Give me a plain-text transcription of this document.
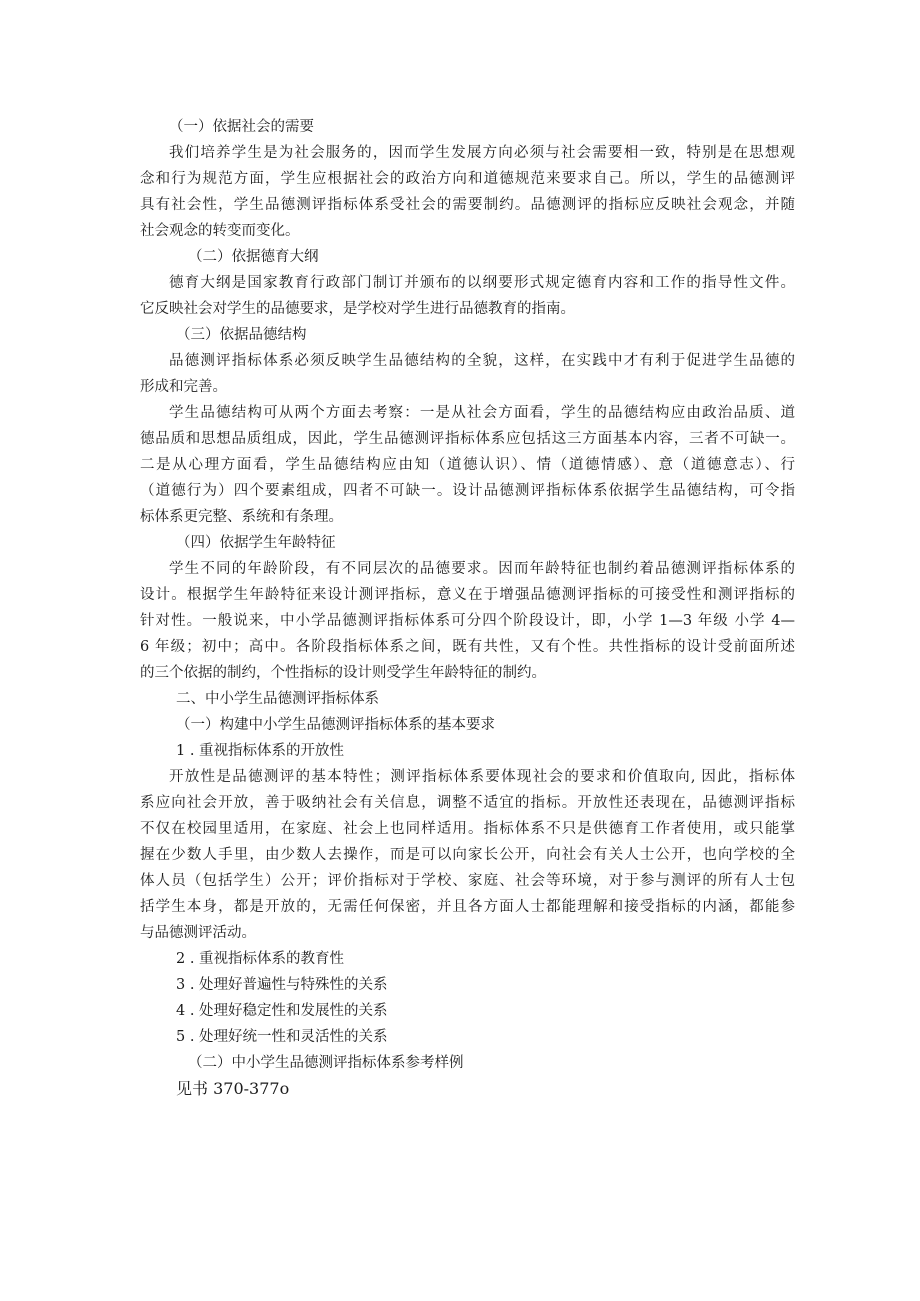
（一）依据社会的需要
我们培养学生是为社会服务的，因而学生发展方向必须与社会需要相一致，特别是在思想观
念和行为规范方面，学生应根据社会的政治方向和道德规范来要求自己。所以，学生的品德测评
具有社会性，学生品德测评指标体系受社会的需要制约。品德测评的指标应反映社会观念，并随
社会观念的转变而变化。
（二）依据德育大纲
德育大纲是国家教育行政部门制订并颁布的以纲要形式规定德育内容和工作的指导性文件。
它反映社会对学生的品德要求，是学校对学生进行品德教育的指南。
（三）依据品德结构
品德测评指标体系必须反映学生品德结构的全貌，这样，在实践中才有利于促进学生品德的
形成和完善。
学生品德结构可从两个方面去考察：一是从社会方面看，学生的品德结构应由政治品质、道
德品质和思想品质组成，因此，学生品德测评指标体系应包括这三方面基本内容，三者不可缺一。
二是从心理方面看，学生品德结构应由知（道德认识）、情（道德情感）、意（道德意志）、行
（道德行为）四个要素组成，四者不可缺一。设计品德测评指标体系依据学生品德结构，可令指
标体系更完整、系统和有条理。
（四）依据学生年龄特征
学生不同的年龄阶段，有不同层次的品德要求。因而年龄特征也制约着品德测评指标体系的
设计。根据学生年龄特征来设计测评指标，意义在于增强品德测评指标的可接受性和测评指标的
针对性。一般说来，中小学品德测评指标体系可分四个阶段设计，即，小学 1—3 年级 小学 4—
6 年级；初中；高中。各阶段指标体系之间，既有共性，又有个性。共性指标的设计受前面所述
的三个依据的制约，个性指标的设计则受学生年龄特征的制约。
二、中小学生品德测评指标体系
（一）构建中小学生品德测评指标体系的基本要求
1 . 重视指标体系的开放性
开放性是品德测评的基本特性；测评指标体系要体现社会的要求和价值取向, 因此，指标体
系应向社会开放，善于吸纳社会有关信息，调整不适宜的指标。开放性还表现在，品德测评指标
不仅在校园里适用，在家庭、社会上也同样适用。指标体系不只是供德育工作者使用，或只能掌
握在少数人手里，由少数人去操作，而是可以向家长公开，向社会有关人士公开，也向学校的全
体人员（包括学生）公开；评价指标对于学校、家庭、社会等环境，对于参与测评的所有人士包
括学生本身，都是开放的，无需任何保密，并且各方面人士都能理解和接受指标的内涵，都能参
与品德测评活动。
2 . 重视指标体系的教育性
3 . 处理好普遍性与特殊性的关系
4 . 处理好稳定性和发展性的关系
5 . 处理好统一性和灵活性的关系
（二）中小学生品德测评指标体系参考样例
见书 370-377o
